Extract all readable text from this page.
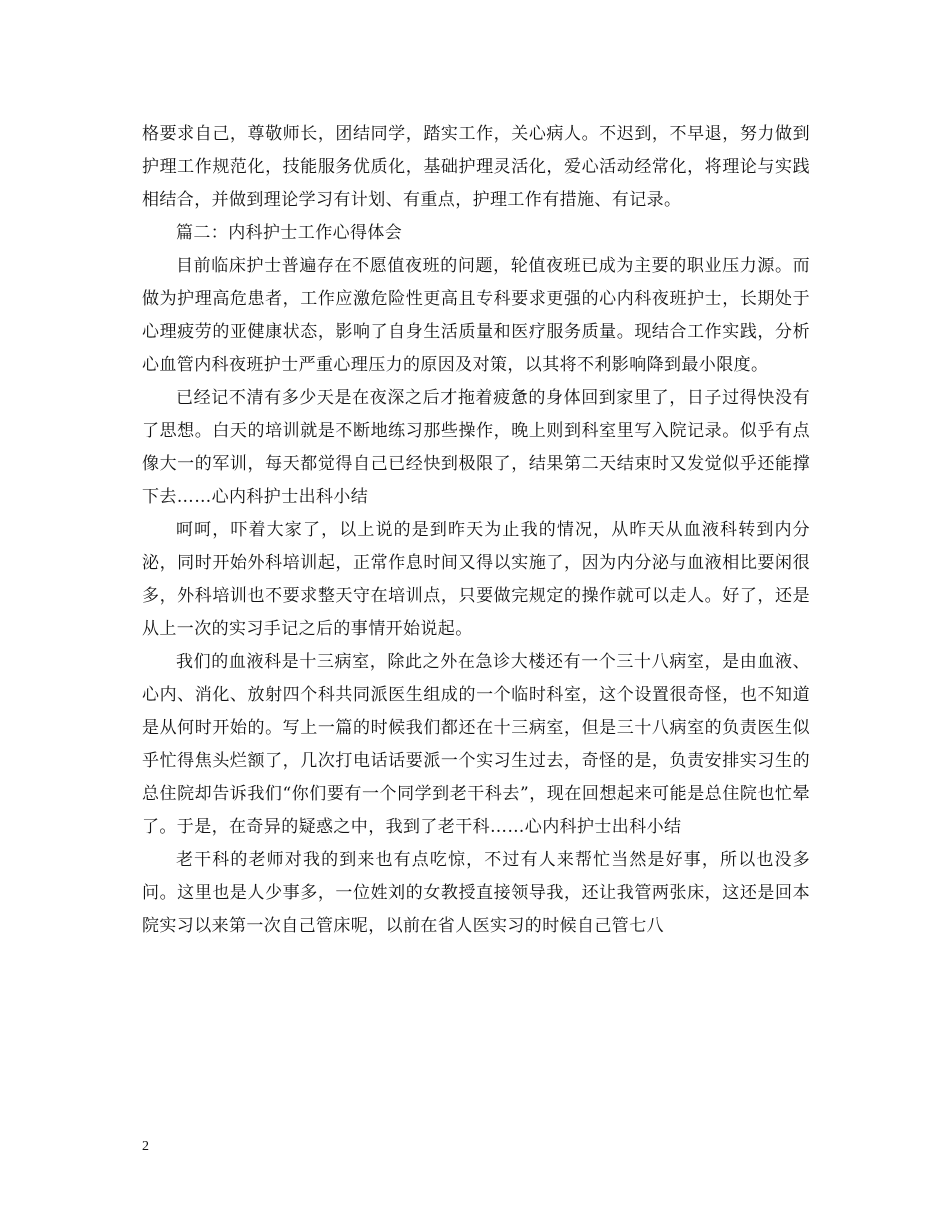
格要求自己，尊敬师长，团结同学，踏实工作，关心病人。不迟到，不早退，努力做到护理工作规范化，技能服务优质化，基础护理灵活化，爱心活动经常化，将理论与实践相结合，并做到理论学习有计划、有重点，护理工作有措施、有记录。

篇二：内科护士工作心得体会

目前临床护士普遍存在不愿值夜班的问题，轮值夜班已成为主要的职业压力源。而做为护理高危患者，工作应激危险性更高且专科要求更强的心内科夜班护士，长期处于心理疲劳的亚健康状态，影响了自身生活质量和医疗服务质量。现结合工作实践，分析心血管内科夜班护士严重心理压力的原因及对策，以其将不利影响降到最小限度。

已经记不清有多少天是在夜深之后才拖着疲惫的身体回到家里了，日子过得快没有了思想。白天的培训就是不断地练习那些操作，晚上则到科室里写入院记录。似乎有点像大一的军训，每天都觉得自己已经快到极限了，结果第二天结束时又发觉似乎还能撑下去……心内科护士出科小结

呵呵，吓着大家了，以上说的是到昨天为止我的情况，从昨天从血液科转到内分泌，同时开始外科培训起，正常作息时间又得以实施了，因为内分泌与血液相比要闲很多，外科培训也不要求整天守在培训点，只要做完规定的操作就可以走人。好了，还是从上一次的实习手记之后的事情开始说起。

我们的血液科是十三病室，除此之外在急诊大楼还有一个三十八病室，是由血液、心内、消化、放射四个科共同派医生组成的一个临时科室，这个设置很奇怪，也不知道是从何时开始的。写上一篇的时候我们都还在十三病室，但是三十八病室的负责医生似乎忙得焦头烂额了，几次打电话话要派一个实习生过去，奇怪的是，负责安排实习生的总住院却告诉我们“你们要有一个同学到老干科去”，现在回想起来可能是总住院也忙晕了。于是，在奇异的疑惑之中，我到了老干科……心内科护士出科小结

老干科的老师对我的到来也有点吃惊，不过有人来帮忙当然是好事，所以也没多问。这里也是人少事多，一位姓刘的女教授直接领导我，还让我管两张床，这还是回本院实习以来第一次自己管床呢，以前在省人医实习的时候自己管七八

2
